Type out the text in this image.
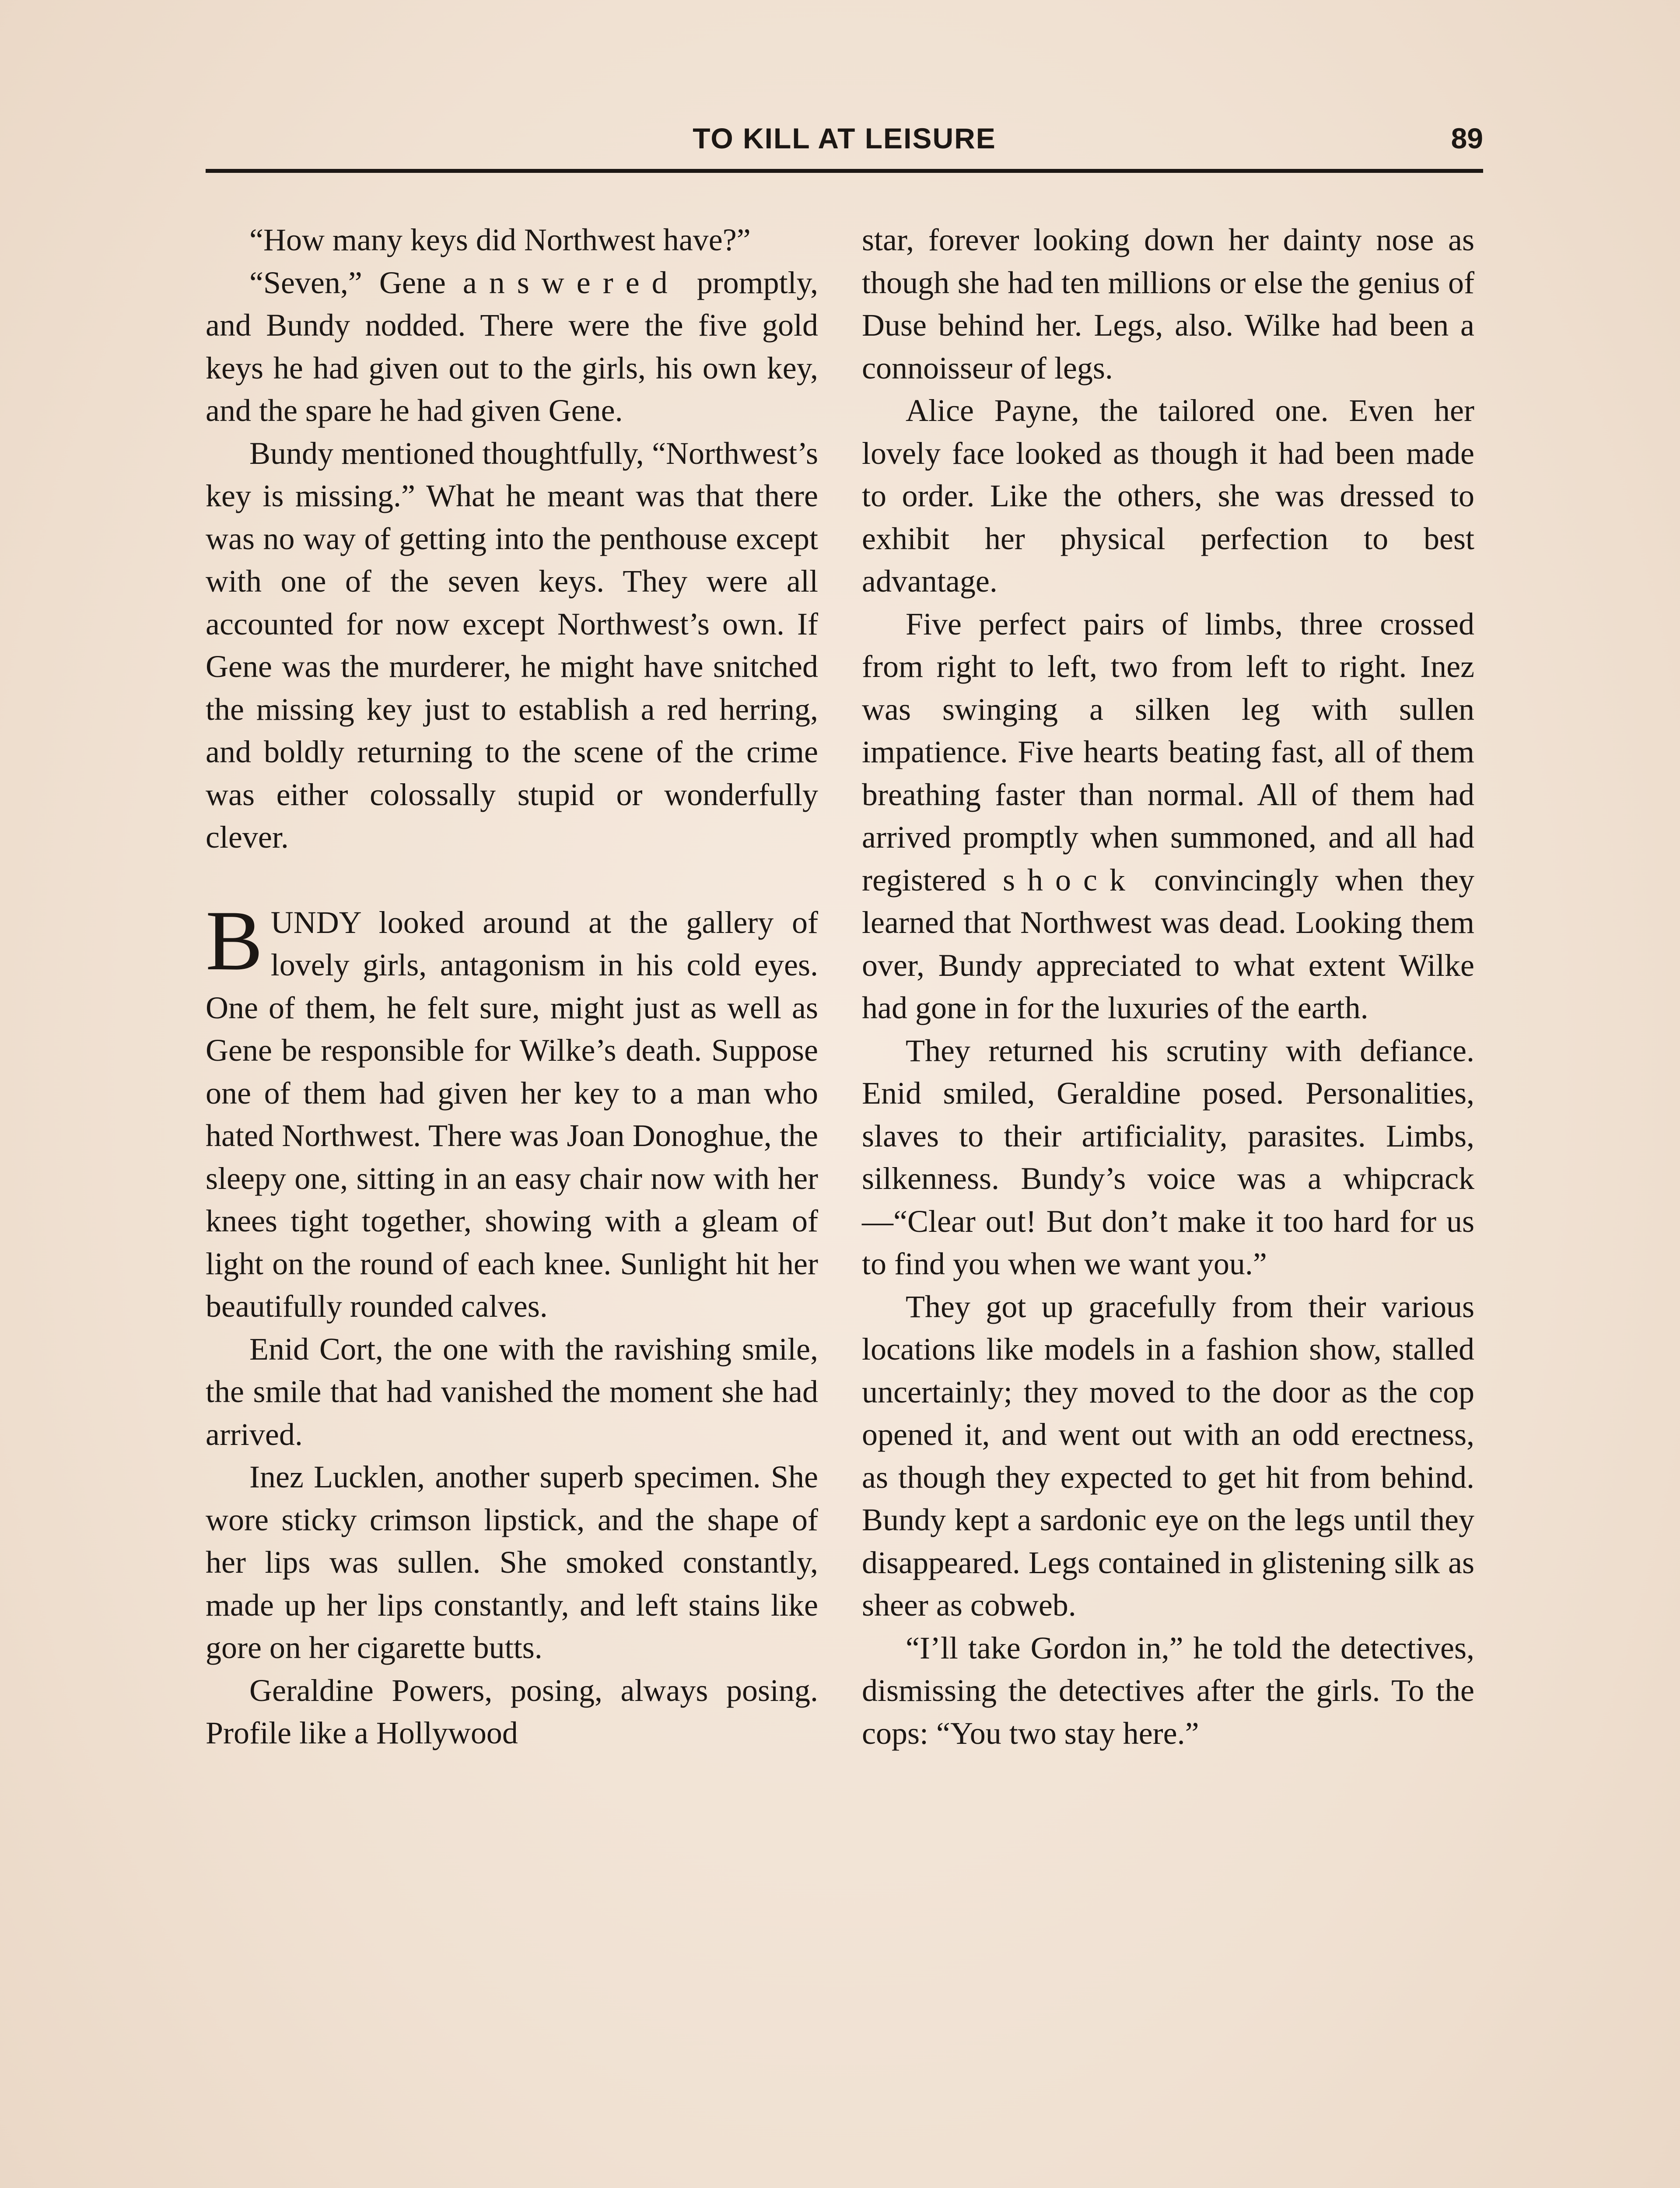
TO KILL AT LEISURE	89

“How many keys did Northwest have?”

“Seven,” Gene answered promptly, and Bundy nodded. There were the five gold keys he had given out to the girls, his own key, and the spare he had given Gene.

Bundy mentioned thoughtfully, “Northwest’s key is missing.” What he meant was that there was no way of getting into the penthouse except with one of the seven keys. They were all accounted for now except Northwest’s own. If Gene was the murderer, he might have snitched the missing key just to establish a red herring, and boldly returning to the scene of the crime was either colossally stupid or wonderfully clever.

BUNDY looked around at the gallery of lovely girls, antagonism in his cold eyes. One of them, he felt sure, might just as well as Gene be responsible for Wilke’s death. Suppose one of them had given her key to a man who hated Northwest. There was Joan Donoghue, the sleepy one, sitting in an easy chair now with her knees tight together, showing with a gleam of light on the round of each knee. Sunlight hit her beautifully rounded calves.

Enid Cort, the one with the ravishing smile, the smile that had vanished the moment she had arrived.

Inez Lucklen, another superb specimen. She wore sticky crimson lipstick, and the shape of her lips was sullen. She smoked constantly, made up her lips constantly, and left stains like gore on her cigarette butts.

Geraldine Powers, posing, always posing. Profile like a Hollywood

star, forever looking down her dainty nose as though she had ten millions or else the genius of Duse behind her. Legs, also. Wilke had been a connoisseur of legs.

Alice Payne, the tailored one. Even her lovely face looked as though it had been made to order. Like the others, she was dressed to exhibit her physical perfection to best advantage.

Five perfect pairs of limbs, three crossed from right to left, two from left to right. Inez was swinging a silken leg with sullen impatience. Five hearts beating fast, all of them breathing faster than normal. All of them had arrived promptly when summoned, and all had registered shock convincingly when they learned that Northwest was dead. Looking them over, Bundy appreciated to what extent Wilke had gone in for the luxuries of the earth.

They returned his scrutiny with defiance. Enid smiled, Geraldine posed. Personalities, slaves to their artificiality, parasites. Limbs, silkenness. Bundy’s voice was a whipcrack—“Clear out! But don’t make it too hard for us to find you when we want you.”

They got up gracefully from their various locations like models in a fashion show, stalled uncertainly; they moved to the door as the cop opened it, and went out with an odd erectness, as though they expected to get hit from behind. Bundy kept a sardonic eye on the legs until they disappeared. Legs contained in glistening silk as sheer as cobweb.

“I’ll take Gordon in,” he told the detectives, dismissing the detectives after the girls. To the cops: “You two stay here.”
